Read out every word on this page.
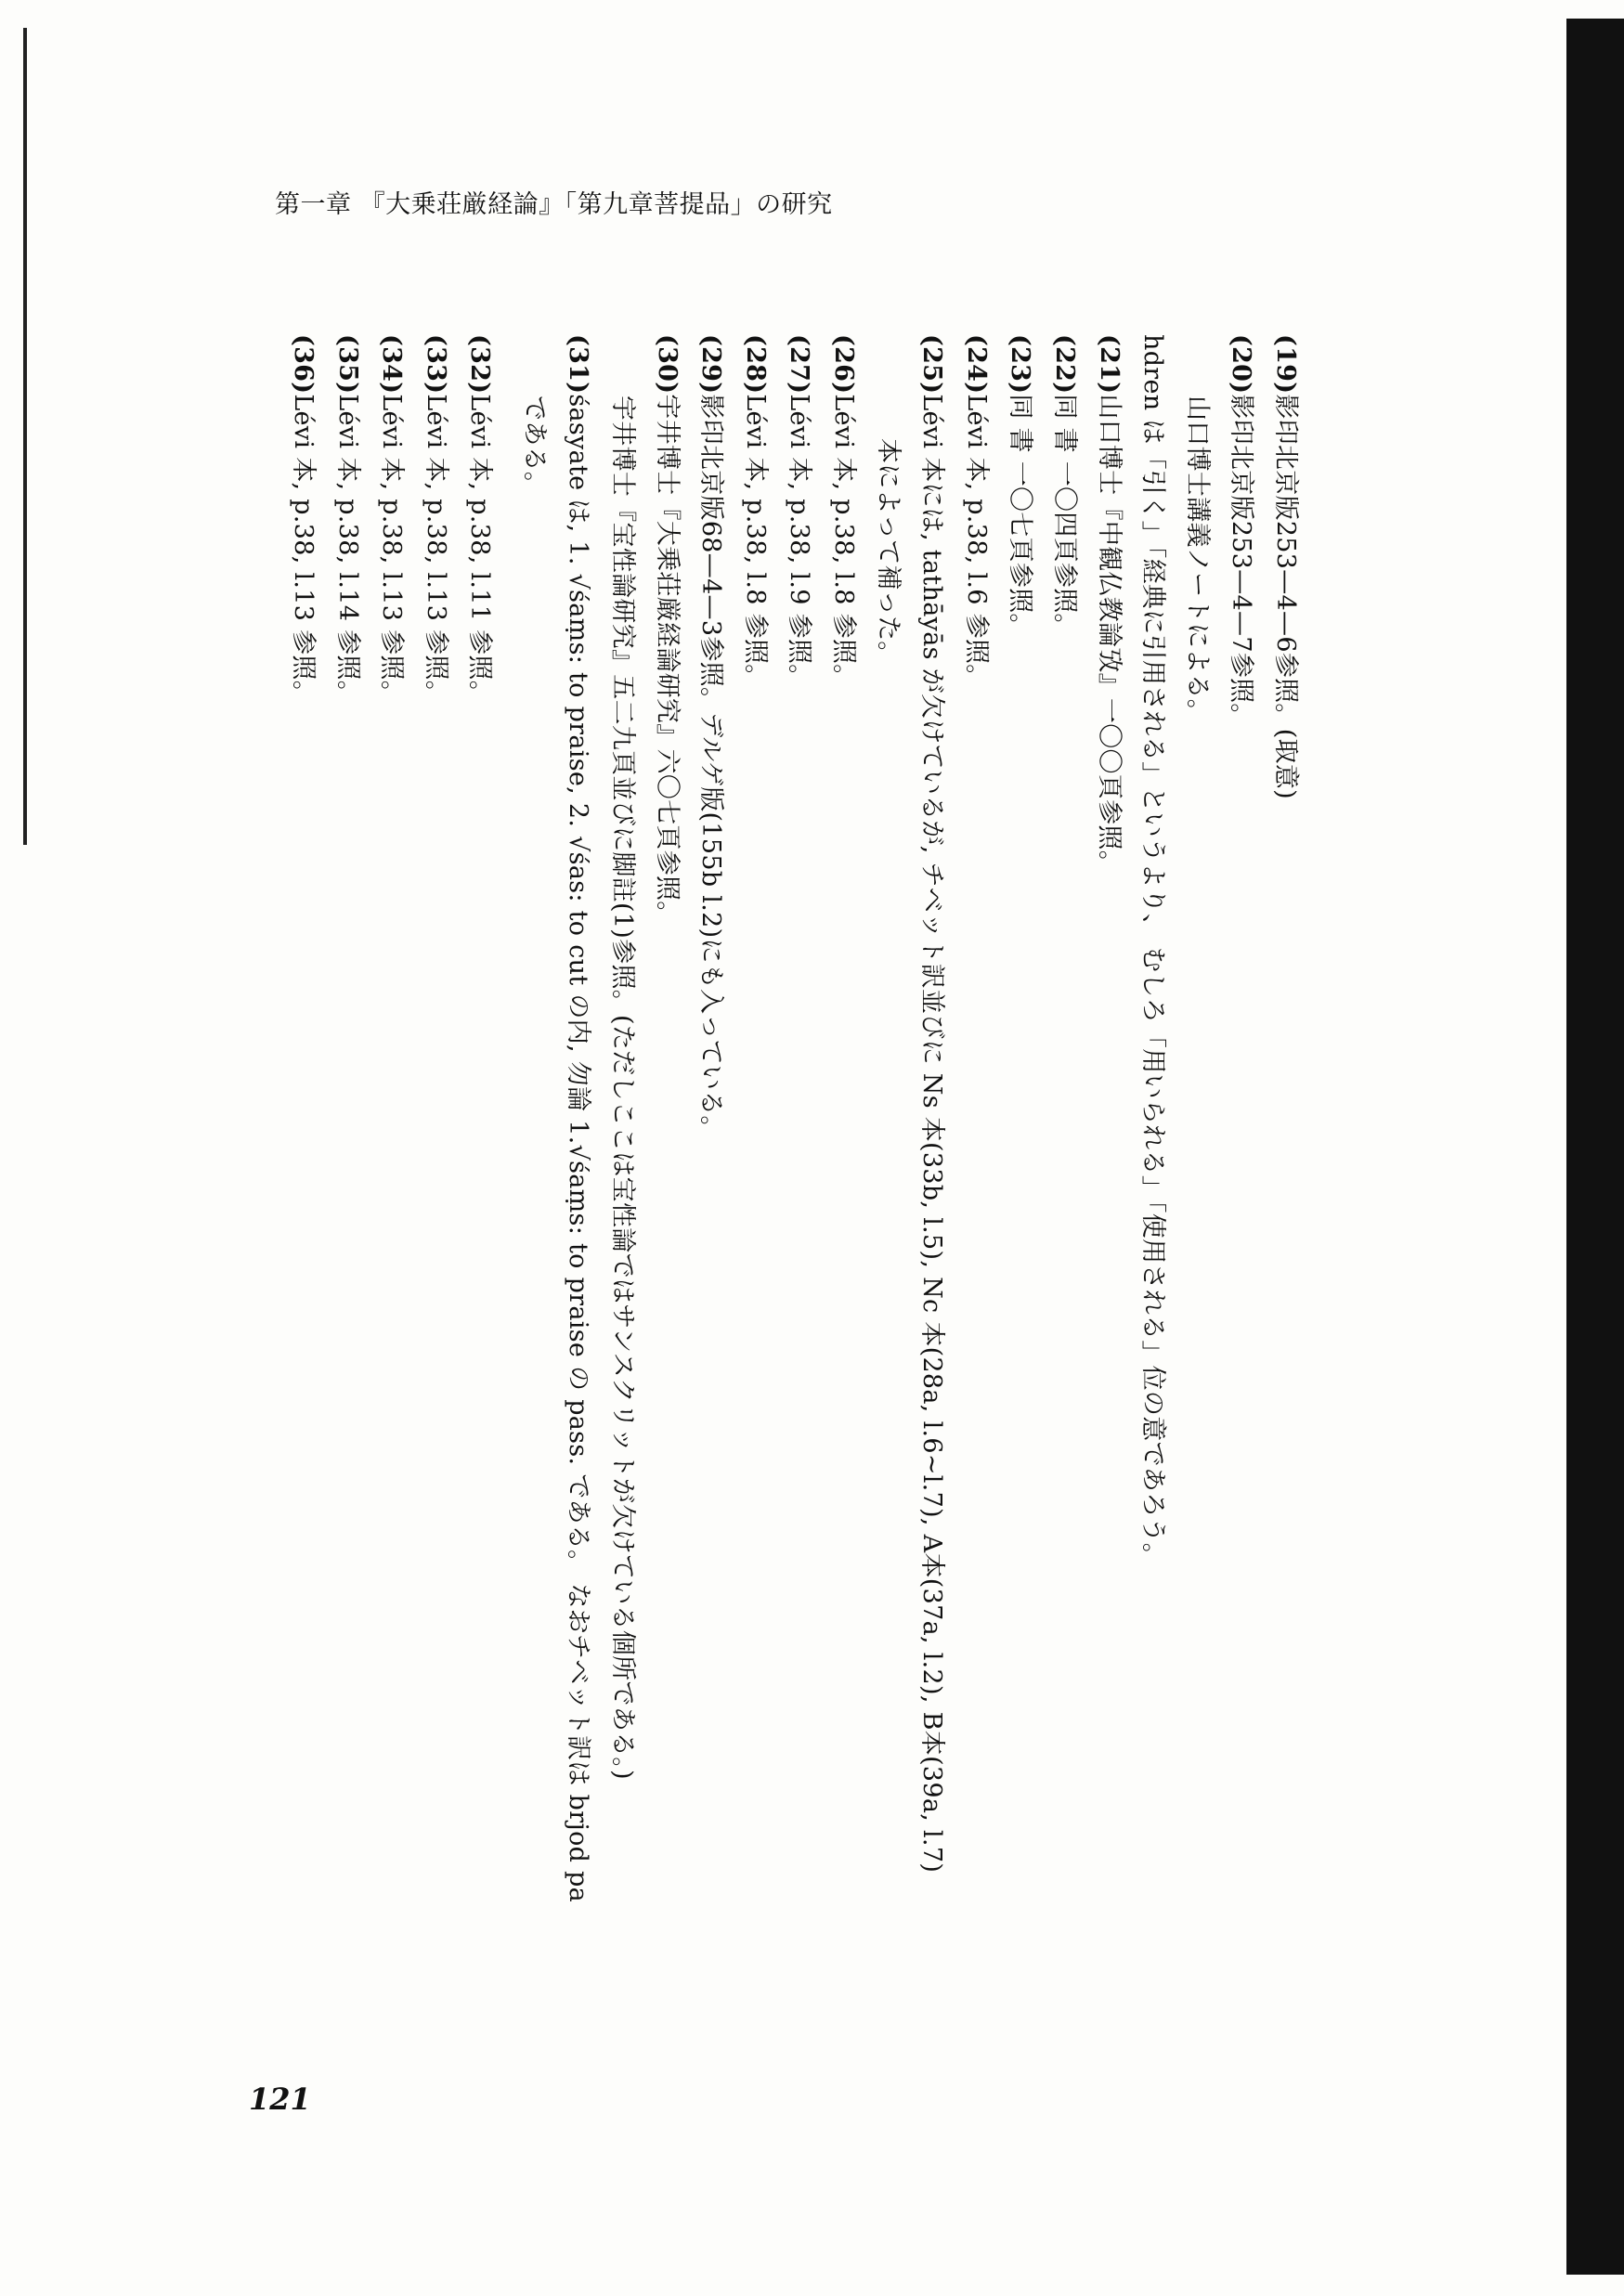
第一章 『大乗荘厳経論』「第九章菩提品」の研究
(19)影印北京版253—4—6参照。(取意)
(20)影印北京版253—4—7参照。
山口博士講義ノートによる。
hdren は「引く」「経典に引用される」というより、 むしろ「用いられる」「使用される」位の意であろう。
(21)山口博士『中観仏教論攷』一〇〇頁参照。
(22)同 書 一〇四頁参照。
(23)同 書 一〇七頁参照。
(24)Lévi 本, p.38, l.6 参照。
(25)Lévi 本には, tathāyās が欠けているが, チベット訳並びに Ns 本(33b, l.5), Nc 本(28a, l.6~l.7), A本(37a, l.2), B本(39a, l.7)
本によって補った。
(26)Lévi 本, p.38, l.8 参照。
(27)Lévi 本, p.38, l.9 参照。
(28)Lévi 本, p.38, l.8 参照。
(29)影印北京版68—4—3参照。デルゲ版(155b l.2)にも入っている。
(30)宇井博士『大乗荘厳経論研究』六〇七頁参照。
宇井博士『宝性論研究』五二九頁並びに脚註(1)参照。(ただしここは宝性論ではサンスクリットが欠けている個所である。)
(31)śasyate は, 1. √śaṃs: to praise, 2. √śas: to cut の内, 勿論 1.√śaṃs: to praise の pass. である。 なおチベット訳は brjod pa
である。
(32)Lévi 本, p.38, l.11 参照。
(33)Lévi 本, p.38, l.13 参照。
(34)Lévi 本, p.38, l.13 参照。
(35)Lévi 本, p.38, l.14 参照。
(36)Lévi 本, p.38, l.13 参照。
121
